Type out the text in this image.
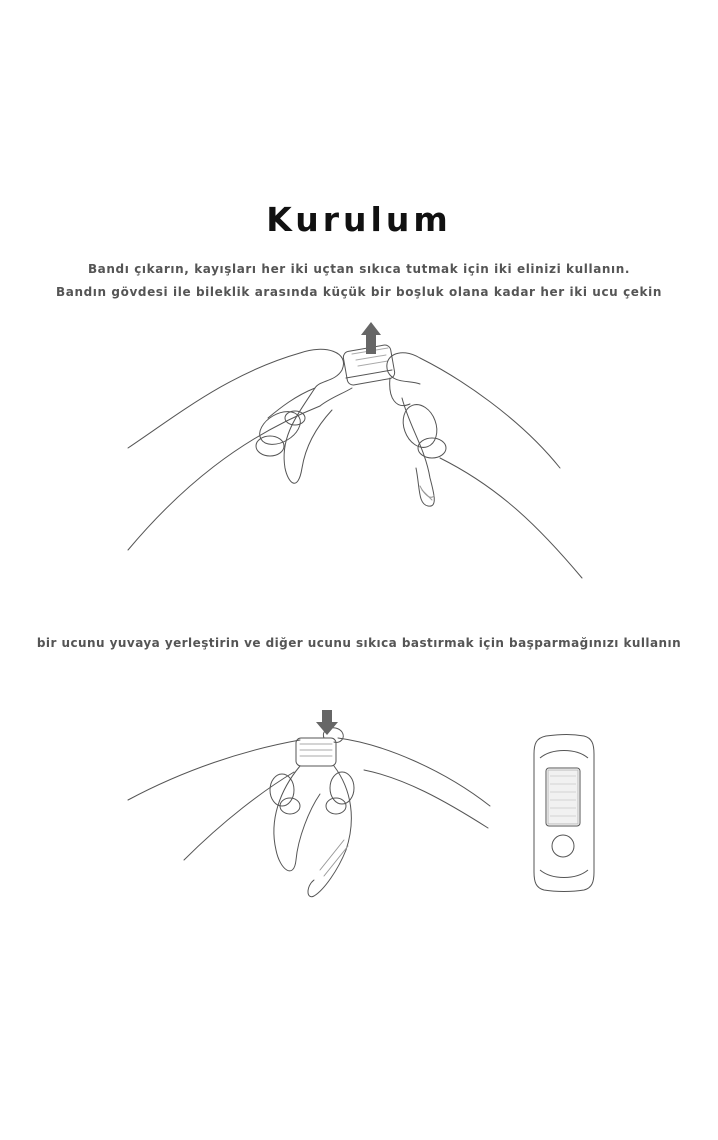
Kurulum
Bandı çıkarın, kayışları her iki uçtan sıkıca tutmak için iki elinizi kullanın.
Bandın gövdesi ile bileklik arasında küçük bir boşluk olana kadar her iki ucu çekin
bir ucunu yuvaya yerleştirin ve diğer ucunu sıkıca bastırmak için başparmağınızı kullanın
